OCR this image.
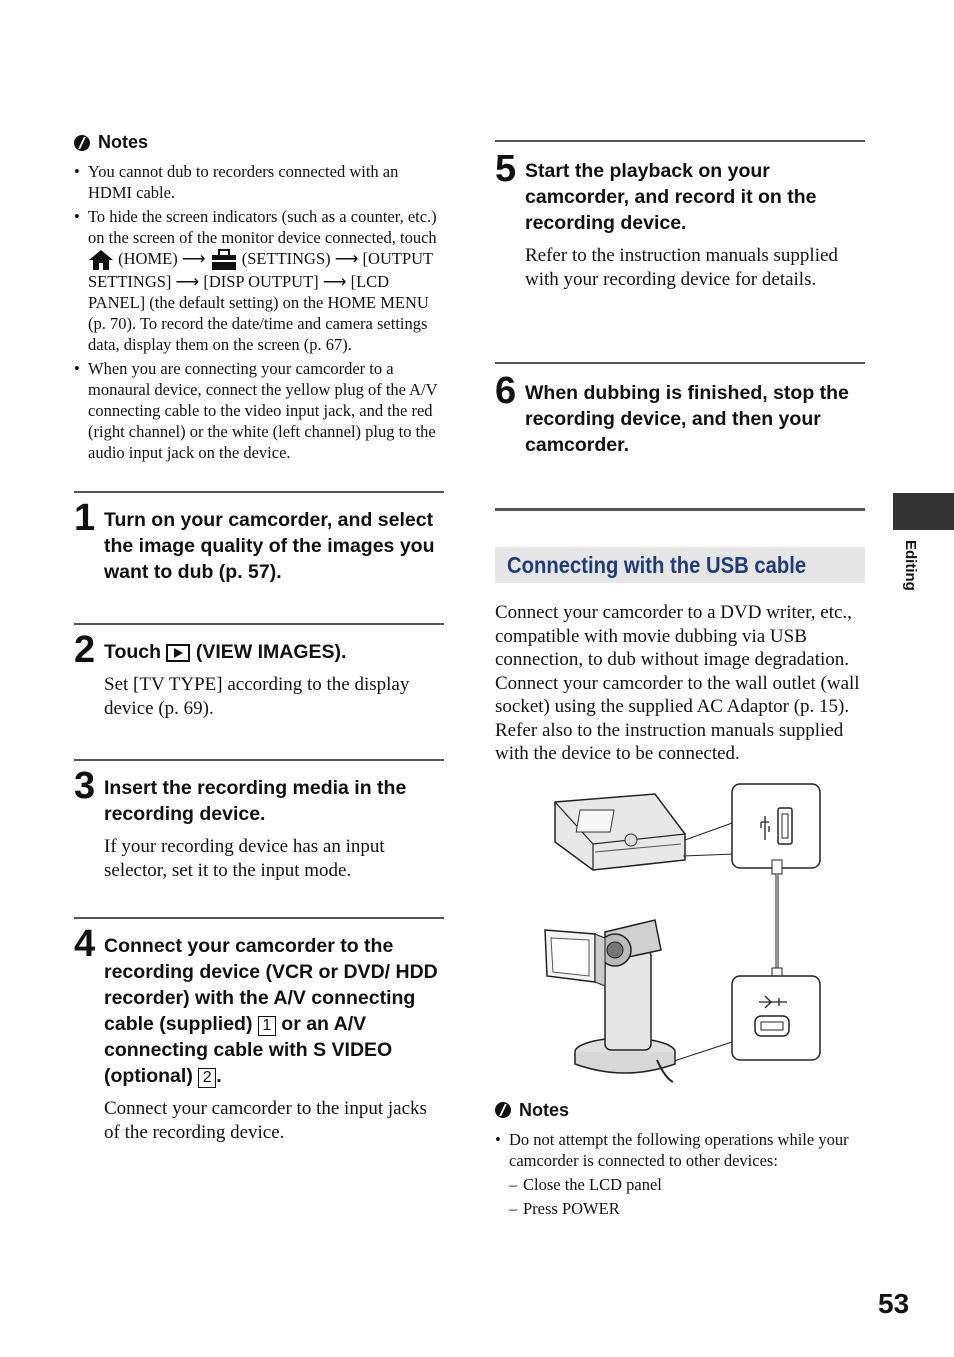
Notes
• You cannot dub to recorders connected with an HDMI cable.
• To hide the screen indicators (such as a counter, etc.) on the screen of the monitor device connected, touch  (HOME) ⟶ (SETTINGS) ⟶ [OUTPUT SETTINGS] ⟶ [DISP OUTPUT] ⟶ [LCD PANEL] (the default setting) on the HOME MENU (p. 70). To record the date/time and camera settings data, display them on the screen (p. 67).
• When you are connecting your camcorder to a monaural device, connect the yellow plug of the A/V connecting cable to the video input jack, and the red (right channel) or the white (left channel) plug to the audio input jack on the device.
1 Turn on your camcorder, and select the image quality of the images you want to dub (p. 57).
2 Touch (VIEW IMAGES).
Set [TV TYPE] according to the display device (p. 69).
3 Insert the recording media in the recording device.
If your recording device has an input selector, set it to the input mode.
4 Connect your camcorder to the recording device (VCR or DVD/ HDD recorder) with the A/V connecting cable (supplied) 1 or an A/V connecting cable with S VIDEO (optional) 2 .
Connect your camcorder to the input jacks of the recording device.
5 Start the playback on your camcorder, and record it on the recording device.
Refer to the instruction manuals supplied with your recording device for details.
6 When dubbing is finished, stop the recording device, and then your camcorder.
Connecting with the USB cable
Connect your camcorder to a DVD writer, etc., compatible with movie dubbing via USB connection, to dub without image degradation.
Connect your camcorder to the wall outlet (wall socket) using the supplied AC Adaptor (p. 15). Refer also to the instruction manuals supplied with the device to be connected.
Notes
• Do not attempt the following operations while your camcorder is connected to other devices:
– Close the LCD panel
– Press POWER
Editing
53
